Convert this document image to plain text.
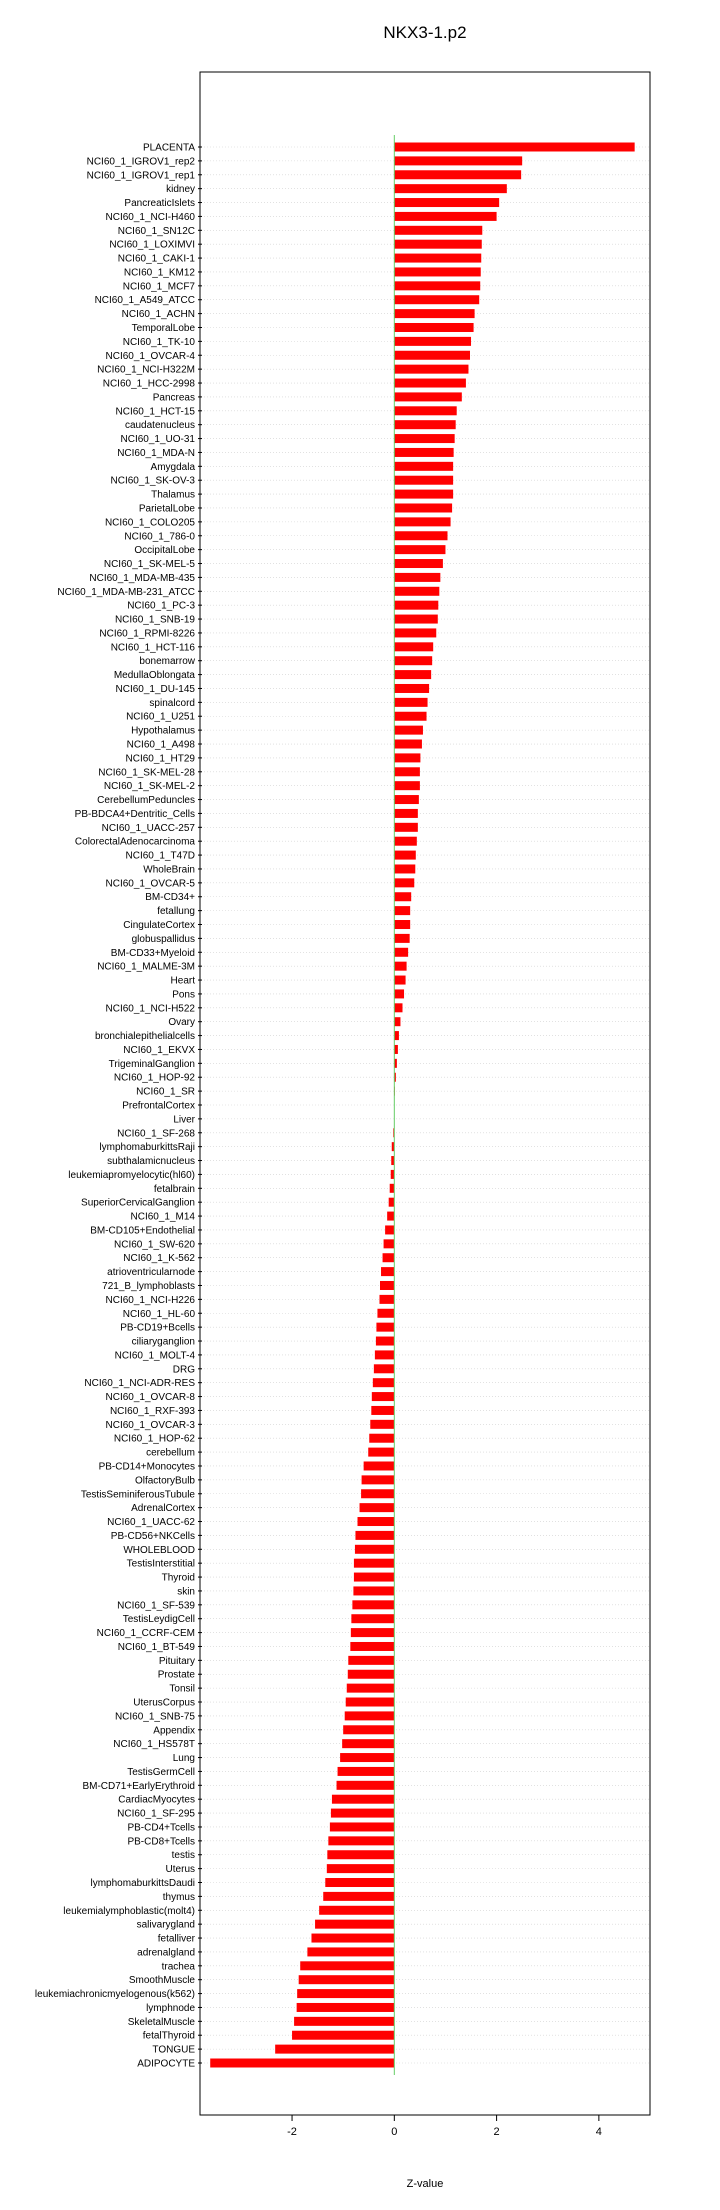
NKX3-1.p2
PLACENTA
NCI60_1_IGROV1_rep2
NCI60_1_IGROV1_rep1
kidney
PancreaticIslets
NCI60_1_NCI-H460
NCI60_1_SN12C
NCI60_1_LOXIMVI
NCI60_1_CAKI-1
NCI60_1_KM12
NCI60_1_MCF7
NCI60_1_A549_ATCC
NCI60_1_ACHN
TemporalLobe
NCI60_1_TK-10
NCI60_1_OVCAR-4
NCI60_1_NCI-H322M
NCI60_1_HCC-2998
Pancreas
NCI60_1_HCT-15
caudatenucleus
NCI60_1_UO-31
NCI60_1_MDA-N
Amygdala
NCI60_1_SK-OV-3
Thalamus
ParietalLobe
NCI60_1_COLO205
NCI60_1_786-0
OccipitalLobe
NCI60_1_SK-MEL-5
NCI60_1_MDA-MB-435
NCI60_1_MDA-MB-231_ATCC
NCI60_1_PC-3
NCI60_1_SNB-19
NCI60_1_RPMI-8226
NCI60_1_HCT-116
bonemarrow
MedullaOblongata
NCI60_1_DU-145
spinalcord
NCI60_1_U251
Hypothalamus
NCI60_1_A498
NCI60_1_HT29
NCI60_1_SK-MEL-28
NCI60_1_SK-MEL-2
CerebellumPeduncles
PB-BDCA4+Dentritic_Cells
NCI60_1_UACC-257
ColorectalAdenocarcinoma
NCI60_1_T47D
WholeBrain
NCI60_1_OVCAR-5
BM-CD34+
fetallung
CingulateCortex
globuspallidus
BM-CD33+Myeloid
NCI60_1_MALME-3M
Heart
Pons
NCI60_1_NCI-H522
Ovary
bronchialepithelialcells
NCI60_1_EKVX
TrigeminalGanglion
NCI60_1_HOP-92
NCI60_1_SR
PrefrontalCortex
Liver
NCI60_1_SF-268
lymphomaburkittsRaji
subthalamicnucleus
leukemiapromyelocytic(hl60)
fetalbrain
SuperiorCervicalGanglion
NCI60_1_M14
BM-CD105+Endothelial
NCI60_1_SW-620
NCI60_1_K-562
atrioventricularnode
721_B_lymphoblasts
NCI60_1_NCI-H226
NCI60_1_HL-60
PB-CD19+Bcells
ciliaryganglion
NCI60_1_MOLT-4
DRG
NCI60_1_NCI-ADR-RES
NCI60_1_OVCAR-8
NCI60_1_RXF-393
NCI60_1_OVCAR-3
NCI60_1_HOP-62
cerebellum
PB-CD14+Monocytes
OlfactoryBulb
TestisSeminiferousTubule
AdrenalCortex
NCI60_1_UACC-62
PB-CD56+NKCells
WHOLEBLOOD
TestisInterstitial
Thyroid
skin
NCI60_1_SF-539
TestisLeydigCell
NCI60_1_CCRF-CEM
NCI60_1_BT-549
Pituitary
Prostate
Tonsil
UterusCorpus
NCI60_1_SNB-75
Appendix
NCI60_1_HS578T
Lung
TestisGermCell
BM-CD71+EarlyErythroid
CardiacMyocytes
NCI60_1_SF-295
PB-CD4+Tcells
PB-CD8+Tcells
testis
Uterus
lymphomaburkittsDaudi
thymus
leukemialymphoblastic(molt4)
salivarygland
fetalliver
adrenalgland
trachea
SmoothMuscle
leukemiachronicmyelogenous(k562)
lymphnode
SkeletalMuscle
fetalThyroid
TONGUE
ADIPOCYTE
-2	0	2	4
Z-value
